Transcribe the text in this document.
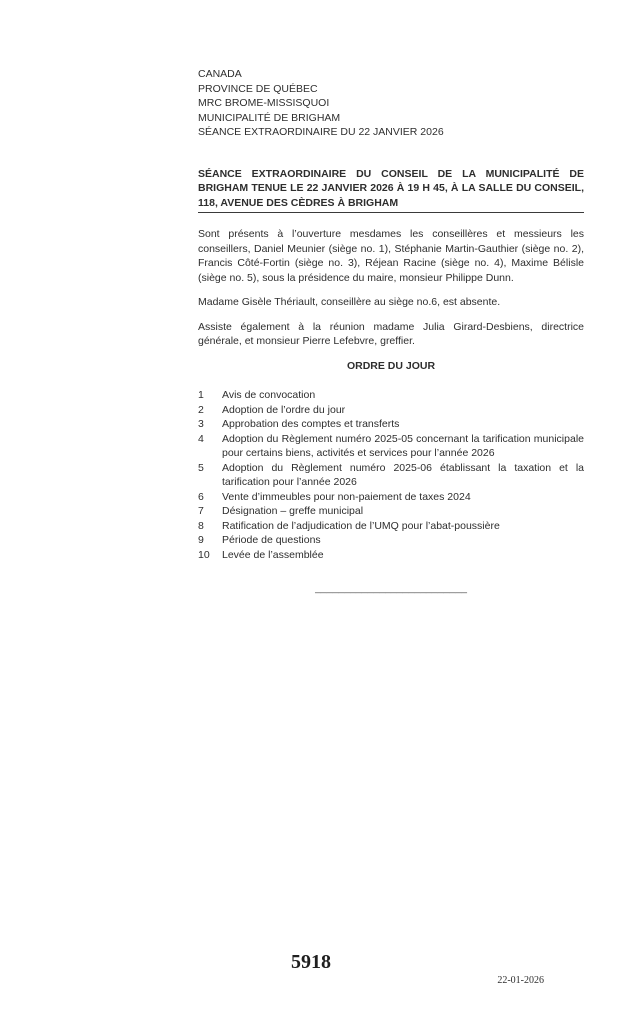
CANADA
PROVINCE DE QUÉBEC
MRC BROME-MISSISQUOI
MUNICIPALITÉ DE BRIGHAM
SÉANCE EXTRAORDINAIRE DU 22 JANVIER 2026
SÉANCE EXTRAORDINAIRE DU CONSEIL DE LA MUNICIPALITÉ DE BRIGHAM TENUE LE 22 JANVIER 2026 À 19 H 45, À LA SALLE DU CONSEIL, 118, AVENUE DES CÈDRES À BRIGHAM

Sont présents à l’ouverture mesdames les conseillères et messieurs les conseillers, Daniel Meunier (siège no. 1), Stéphanie Martin-Gauthier (siège no. 2), Francis Côté-Fortin (siège no. 3), Réjean Racine (siège no. 4), Maxime Bélisle (siège no. 5), sous la présidence du maire, monsieur Philippe Dunn.

Madame Gisèle Thériault, conseillère au siège no.6, est absente.

Assiste également à la réunion madame Julia Girard-Desbiens, directrice générale, et monsieur Pierre Lefebvre, greffier.

ORDRE DU JOUR
1	Avis de convocation
2	Adoption de l’ordre du jour
3	Approbation des comptes et transferts
4	Adoption du Règlement numéro 2025-05 concernant la tarification municipale pour certains biens, activités et services pour l’année 2026
5	Adoption du Règlement numéro 2025-06 établissant la taxation et la tarification pour l’année 2026
6	Vente d’immeubles pour non-paiement de taxes 2024
7	Désignation – greffe municipal
8	Ratification de l’adjudication de l’UMQ pour l’abat-poussière
9	Période de questions
10	Levée de l’assemblée
__________________________
5918
22-01-2026
